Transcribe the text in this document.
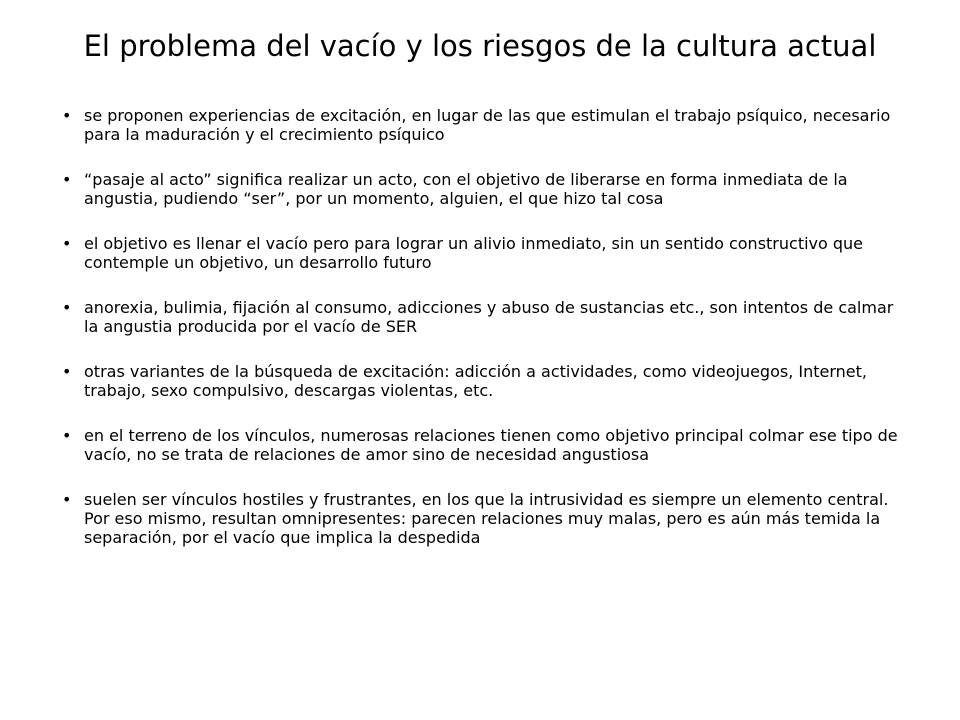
El problema del vacío y los riesgos de la cultura actual
• se proponen experiencias de excitación, en lugar de las que estimulan el trabajo psíquico, necesario para la maduración y el crecimiento psíquico
• “pasaje al acto” significa realizar un acto, con el objetivo de liberarse en forma inmediata de la angustia, pudiendo “ser”, por un momento, alguien, el que hizo tal cosa
• el objetivo es llenar el vacío pero para lograr un alivio inmediato, sin un sentido constructivo que contemple un objetivo, un desarrollo futuro
• anorexia, bulimia, fijación al consumo, adicciones y abuso de sustancias etc., son intentos de calmar la angustia producida por el vacío de SER
• otras variantes de la búsqueda de excitación: adicción a actividades, como videojuegos, Internet, trabajo, sexo compulsivo, descargas violentas, etc.
• en el terreno de los vínculos, numerosas relaciones tienen como objetivo principal colmar ese tipo de vacío, no se trata de relaciones de amor sino de necesidad angustiosa
• suelen ser vínculos hostiles y frustrantes, en los que la intrusividad es siempre un elemento central. Por eso mismo, resultan omnipresentes: parecen relaciones muy malas, pero es aún más temida la separación, por el vacío que implica la despedida
